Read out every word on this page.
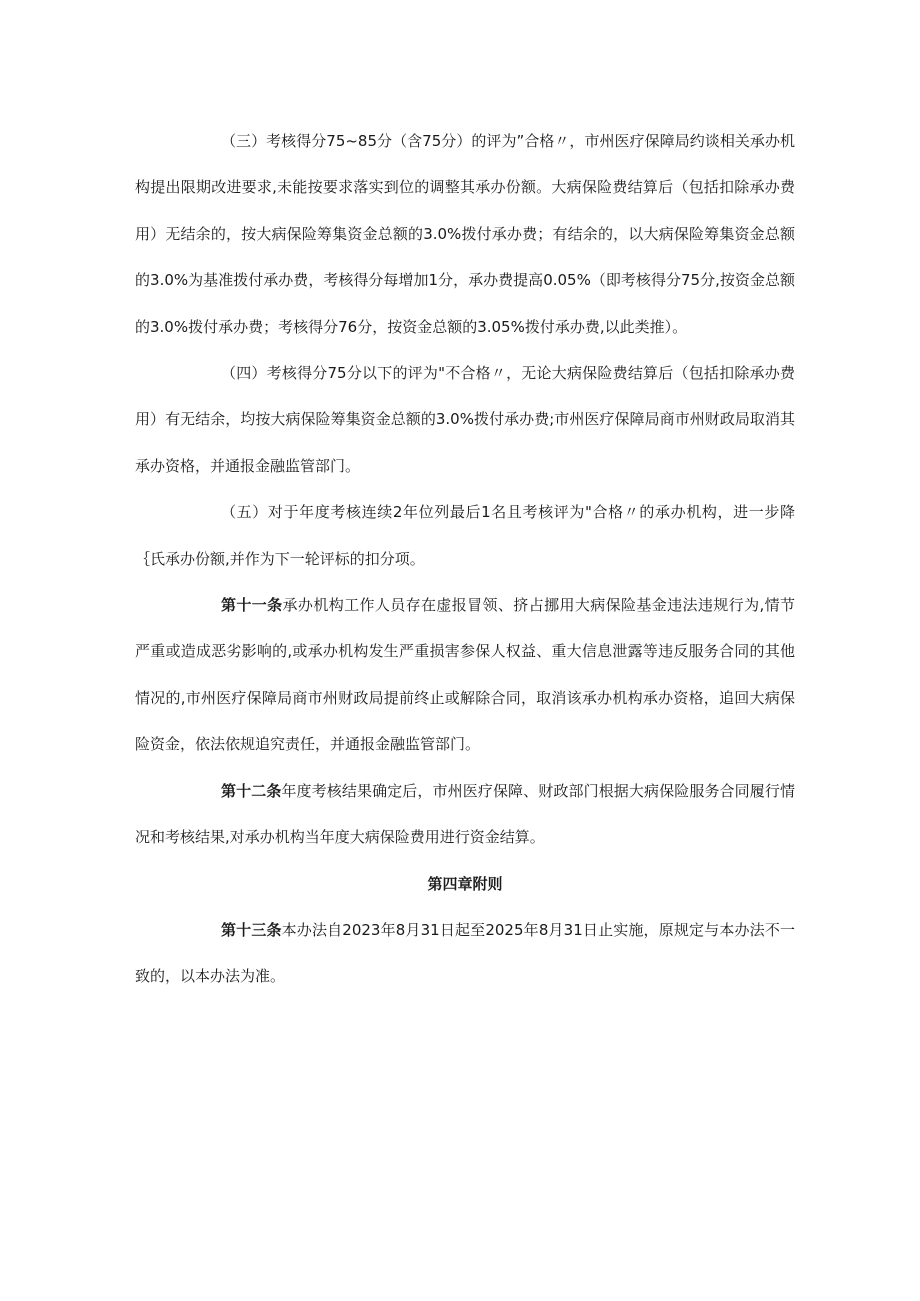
（三）考核得分75~85分（含75分）的评为”合格〃，市州医疗保障局约谈相关承办机构提出限期改进要求,未能按要求落实到位的调整其承办份额。大病保险费结算后（包括扣除承办费用）无结余的，按大病保险筹集资金总额的3.0%拨付承办费；有结余的，以大病保险筹集资金总额的3.0%为基准拨付承办费，考核得分每增加1分，承办费提高0.05%（即考核得分75分,按资金总额的3.0%拨付承办费；考核得分76分，按资金总额的3.05%拨付承办费,以此类推）。

（四）考核得分75分以下的评为"不合格〃，无论大病保险费结算后（包括扣除承办费用）有无结余，均按大病保险筹集资金总额的3.0%拨付承办费;市州医疗保障局商市州财政局取消其承办资格，并通报金融监管部门。

（五）对于年度考核连续2年位列最后1名且考核评为"合格〃的承办机构，进一步降｛氏承办份额,并作为下一轮评标的扣分项。

第十一条承办机构工作人员存在虚报冒领、挤占挪用大病保险基金违法违规行为,情节严重或造成恶劣影响的,或承办机构发生严重损害参保人权益、重大信息泄露等违反服务合同的其他情况的,市州医疗保障局商市州财政局提前终止或解除合同，取消该承办机构承办资格，追回大病保险资金，依法依规追究责任，并通报金融监管部门。

第十二条年度考核结果确定后，市州医疗保障、财政部门根据大病保险服务合同履行情况和考核结果,对承办机构当年度大病保险费用进行资金结算。

第四章附则

第十三条本办法自2023年8月31日起至2025年8月31日止实施，原规定与本办法不一致的，以本办法为准。
